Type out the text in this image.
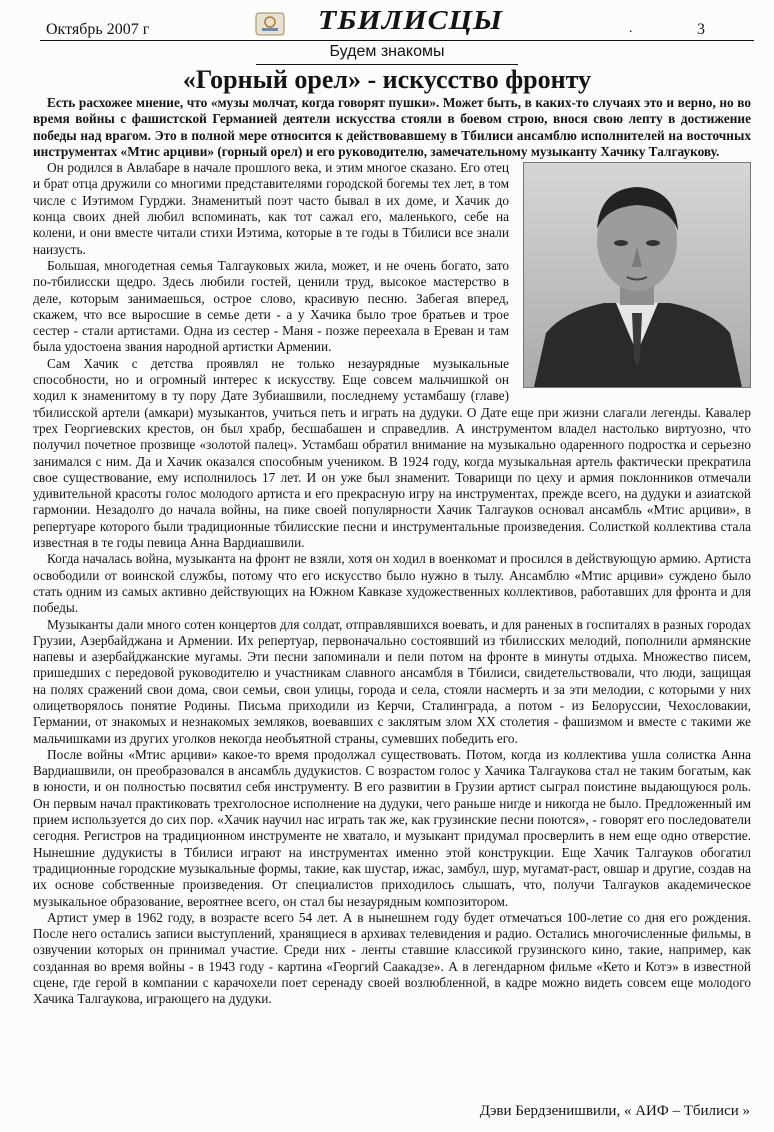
Октябрь 2007 г	ТБИЛИСЦЫ	.	3
Будем знакомы
«Горный орел» - искусство фронту

Есть расхожее мнение, что «музы молчат, когда говорят пушки». Может быть, в каких-то случаях это и верно, но во время войны с фашистской Германией деятели искусства стояли в боевом строю, внося свою лепту в достижение победы над врагом. Это в полной мере относится к действовавшему в Тбилиси ансамблю исполнителей на восточных инструментах «Мтис арциви» (горный орел) и его руководителю, замечательному музыканту Хачику Талгаукову.

Он родился в Авлабаре в начале прошлого века, и этим многое сказано. Его отец и брат отца дружили со многими представителями городской богемы тех лет, в том числе с Иэтимом Гурджи. Знаменитый поэт часто бывал в их доме, и Хачик до конца своих дней любил вспоминать, как тот сажал его, маленького, себе на колени, и они вместе читали стихи Иэтима, которые в те годы в Тбилиси все знали наизусть.

Большая, многодетная семья Талгауковых жила, может, и не очень богато, зато по-тбилисски щедро. Здесь любили гостей, ценили труд, высокое мастерство в деле, которым занимаешься, острое слово, красивую песню. Забегая вперед, скажем, что все выросшие в семье дети - а у Хачика было трое братьев и трое сестер - стали артистами. Одна из сестер - Маня - позже переехала в Ереван и там была удостоена звания народной артистки Армении.

Сам Хачик с детства проявлял не только незаурядные музыкальные способности, но и огромный интерес к искусству. Еще совсем мальчишкой он ходил к знаменитому в ту пору Дате Зубиашвили, последнему устамбашу (главе) тбилисской артели (амкари) музыкантов, учиться петь и играть на дудуки. О Дате еще при жизни слагали легенды. Кавалер трех Георгиевских крестов, он был храбр, бесшабашен и справедлив. А инструментом владел настолько виртуозно, что получил почетное прозвище «золотой палец». Устамбаш обратил внимание на музыкально одаренного подростка и серьезно занимался с ним. Да и Хачик оказался способным учеником. В 1924 году, когда музыкальная артель фактически прекратила свое существование, ему исполнилось 17 лет. И он уже был знаменит. Товарищи по цеху и армия поклонников отмечали удивительной красоты голос молодого артиста и его прекрасную игру на инструментах, прежде всего, на дудуки и азиатской гармонии. Незадолго до начала войны, на пике своей популярности Хачик Талгауков основал ансамбль «Мтис арциви», в репертуаре которого были традиционные тбилисские песни и инструментальные произведения. Солисткой коллектива стала известная в те годы певица Анна Вардиашвили.

Когда началась война, музыканта на фронт не взяли, хотя он ходил в военкомат и просился в действующую армию. Артиста освободили от воинской службы, потому что его искусство было нужно в тылу. Ансамблю «Мтис арциви» суждено было стать одним из самых активно действующих на Южном Кавказе художественных коллективов, работавших для фронта и для победы.

Музыканты дали много сотен концертов для солдат, отправлявшихся воевать, и для раненых в госпиталях в разных городах Грузии, Азербайджана и Армении. Их репертуар, первоначально состоявший из тбилисских мелодий, пополнили армянские напевы и азербайджанские мугамы. Эти песни запоминали и пели потом на фронте в минуты отдыха. Множество писем, пришедших с передовой руководителю и участникам славного ансамбля в Тбилиси, свидетельствовали, что люди, защищая на полях сражений свои дома, свои семьи, свои улицы, города и села, стояли насмерть и за эти мелодии, с которыми у них олицетворялось понятие Родины. Письма приходили из Керчи, Сталинграда, а потом - из Белоруссии, Чехословакии, Германии, от знакомых и незнакомых земляков, воевавших с заклятым злом XX столетия - фашизмом и вместе с такими же мальчишками из других уголков некогда необъятной страны, сумевших победить его.

После войны «Мтис арциви» какое-то время продолжал существовать. Потом, когда из коллектива ушла солистка Анна Вардиашвили, он преобразовался в ансамбль дудукистов. С возрастом голос у Хачика Талгаукова стал не таким богатым, как в юности, и он полностью посвятил себя инструменту. В его развитии в Грузии артист сыграл поистине выдающуюся роль. Он первым начал практиковать трехголосное исполнение на дудуки, чего раньше нигде и никогда не было. Предложенный им прием используется до сих пор. «Хачик научил нас играть так же, как грузинские песни поются», - говорят его последователи сегодня. Регистров на традиционном инструменте не хватало, и музыкант придумал просверлить в нем еще одно отверстие. Нынешние дудукисты в Тбилиси играют на инструментах именно этой конструкции. Еще Хачик Талгауков обогатил традиционные городские музыкальные формы, такие, как шустар, ижас, замбул, шур, мугамат-раст, овшар и другие, создав на их основе собственные произведения. От специалистов приходилось слышать, что, получи Талгауков академическое музыкальное образование, вероятнее всего, он стал бы незаурядным композитором.

Артист умер в 1962 году, в возрасте всего 54 лет. А в нынешнем году будет отмечаться 100-летие со дня его рождения. После него остались записи выступлений, хранящиеся в архивах телевидения и радио. Остались многочисленные фильмы, в озвучении которых он принимал участие. Среди них - ленты ставшие классикой грузинского кино, такие, например, как созданная во время войны - в 1943 году - картина «Георгий Саакадзе». А в легендарном фильме «Кето и Котэ» в известной сцене, где герой в компании с карачохели поет серенаду своей возлюбленной, в кадре можно видеть совсем еще молодого Хачика Талгаукова, играющего на дудуки.

Дэви Бердзенишвили, « АИФ – Тбилиси »
